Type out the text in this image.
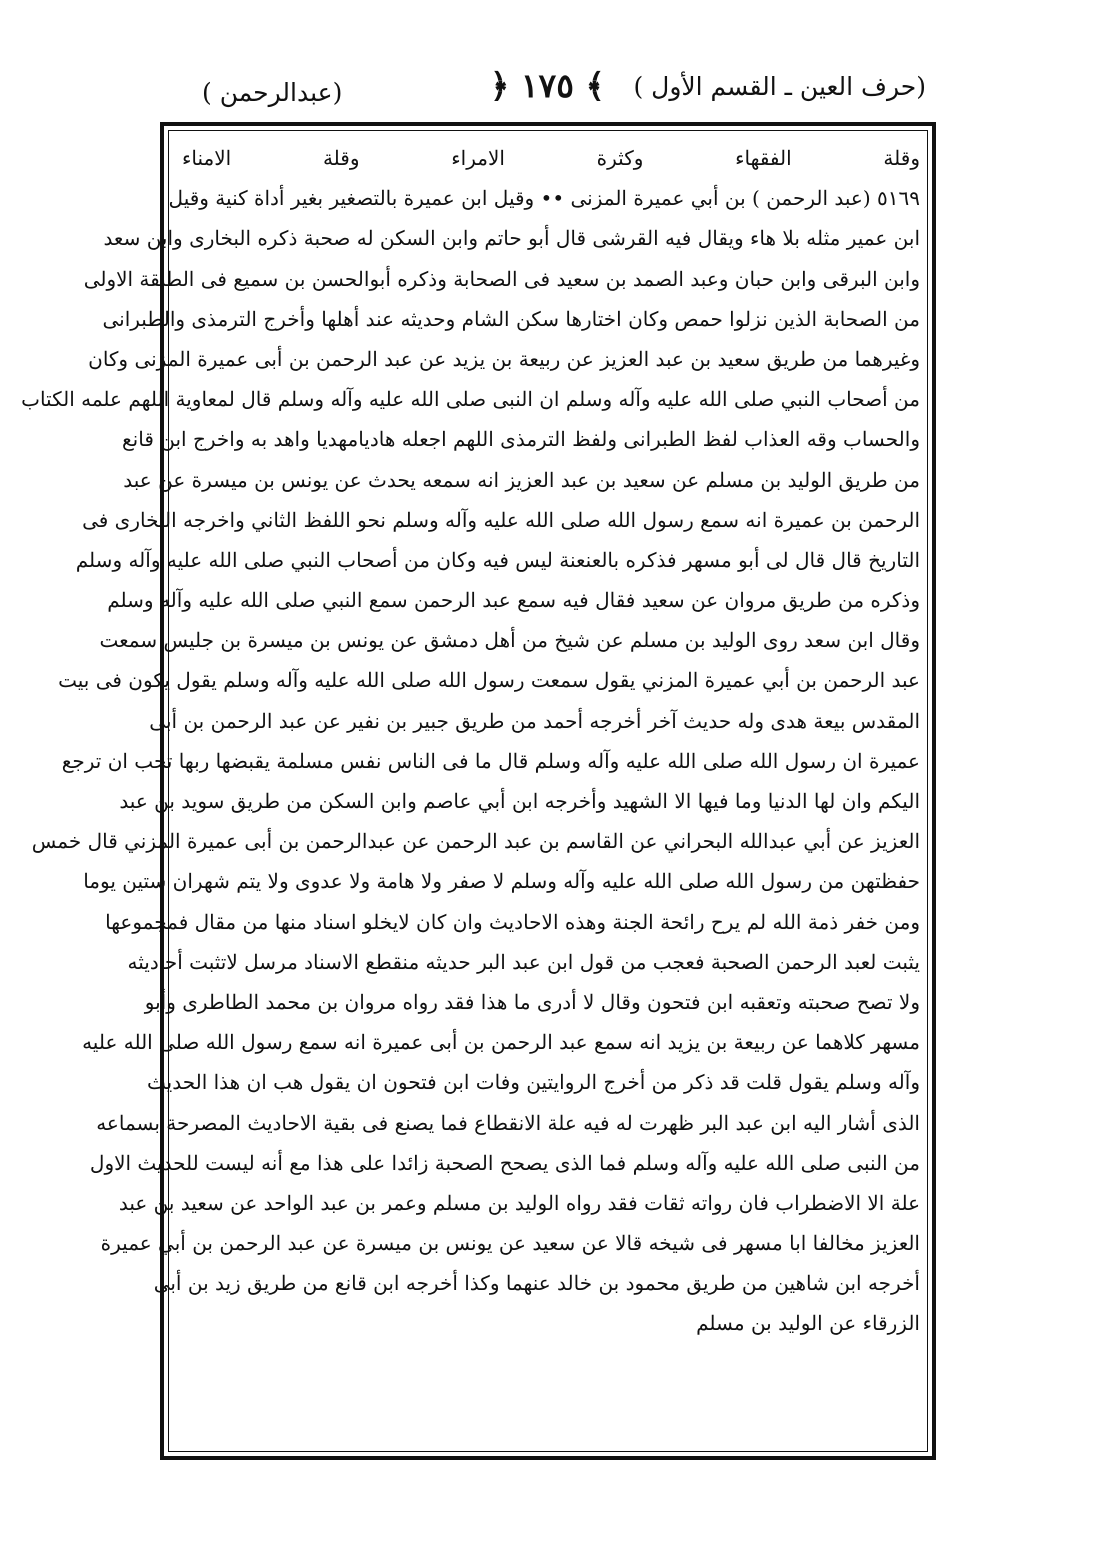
( حرف العين ـ القسم الأول)
﴿ ١٧٥ ﴾
( عبدالرحمن)
وقلة الفقهاء وكثرة الامراء وقلة الامناء
٥١٦٩ (عبد الرحمن ) بن أبي عميرة المزنى •• وقيل ابن عميرة بالتصغير بغير أداة كنية وقيل
ابن عمير مثله بلا هاء ويقال فيه القرشى قال أبو حاتم وابن السكن له صحبة ذكره البخارى وابن سعد
وابن البرقى وابن حبان وعبد الصمد بن سعيد فى الصحابة وذكره أبوالحسن بن سميع فى الطبقة الاولى
من الصحابة الذين نزلوا حمص وكان اختارها سكن الشام وحديثه عند أهلها وأخرج الترمذى والطبرانى
وغيرهما من طريق سعيد بن عبد العزيز عن ربيعة بن يزيد عن عبد الرحمن بن أبى عميرة المزنى وكان
من أصحاب النبي صلى الله عليه وآله وسلم ان النبى صلى الله عليه وآله وسلم قال لمعاوية اللهم علمه الكتاب
والحساب وقه العذاب لفظ الطبرانى ولفظ الترمذى اللهم اجعله هاديامهديا واهد به واخرج ابن قانع
من طريق الوليد بن مسلم عن سعيد بن عبد العزيز انه سمعه يحدث عن يونس بن ميسرة عن عبد
الرحمن بن عميرة انه سمع رسول الله صلى الله عليه وآله وسلم نحو اللفظ الثاني واخرجه البخارى فى
التاريخ قال قال لى أبو مسهر فذكره بالعنعنة ليس فيه وكان من أصحاب النبي صلى الله عليه وآله وسلم
وذكره من طريق مروان عن سعيد فقال فيه سمع عبد الرحمن سمع النبي صلى الله عليه وآله وسلم
وقال ابن سعد روى الوليد بن مسلم عن شيخ من أهل دمشق عن يونس بن ميسرة بن جليس سمعت
عبد الرحمن بن أبي عميرة المزني يقول سمعت رسول الله صلى الله عليه وآله وسلم يقول يكون فى بيت
المقدس بيعة هدى وله حديث آخر أخرجه أحمد من طريق جبير بن نفير عن عبد الرحمن بن أبى
عميرة ان رسول الله صلى الله عليه وآله وسلم قال ما فى الناس نفس مسلمة يقبضها ربها تحب ان ترجع
اليكم وان لها الدنيا وما فيها الا الشهيد وأخرجه ابن أبي عاصم وابن السكن من طريق سويد بن عبد
العزيز عن أبي عبدالله البحراني عن القاسم بن عبد الرحمن عن عبدالرحمن بن أبى عميرة المزني قال خمس
حفظتهن من رسول الله صلى الله عليه وآله وسلم لا صفر ولا هامة ولا عدوى ولا يتم شهران ستين يوما
ومن خفر ذمة الله لم يرح رائحة الجنة وهذه الاحاديث وان كان لايخلو اسناد منها من مقال فمجموعها
يثبت لعبد الرحمن الصحبة فعجب من قول ابن عبد البر حديثه منقطع الاسناد مرسل لاتثبت أحاديثه
ولا تصح صحبته وتعقبه ابن فتحون وقال لا أدرى ما هذا فقد رواه مروان بن محمد الطاطرى وأبو
مسهر كلاهما عن ربيعة بن يزيد انه سمع عبد الرحمن بن أبى عميرة انه سمع رسول الله صلى الله عليه
وآله وسلم يقول قلت قد ذكر من أخرج الروايتين وفات ابن فتحون ان يقول هب ان هذا الحديث
الذى أشار اليه ابن عبد البر ظهرت له فيه علة الانقطاع فما يصنع فى بقية الاحاديث المصرحة بسماعه
من النبى صلى الله عليه وآله وسلم فما الذى يصحح الصحبة زائدا على هذا مع أنه ليست للحديث الاول
علة الا الاضطراب فان رواته ثقات فقد رواه الوليد بن مسلم وعمر بن عبد الواحد عن سعيد بن عبد
العزيز مخالفا ابا مسهر فى شيخه قالا عن سعيد عن يونس بن ميسرة عن عبد الرحمن بن أبي عميرة
أخرجه ابن شاهين من طريق محمود بن خالد عنهما وكذا أخرجه ابن قانع من طريق زيد بن أبى
الزرقاء عن الوليد بن مسلم
